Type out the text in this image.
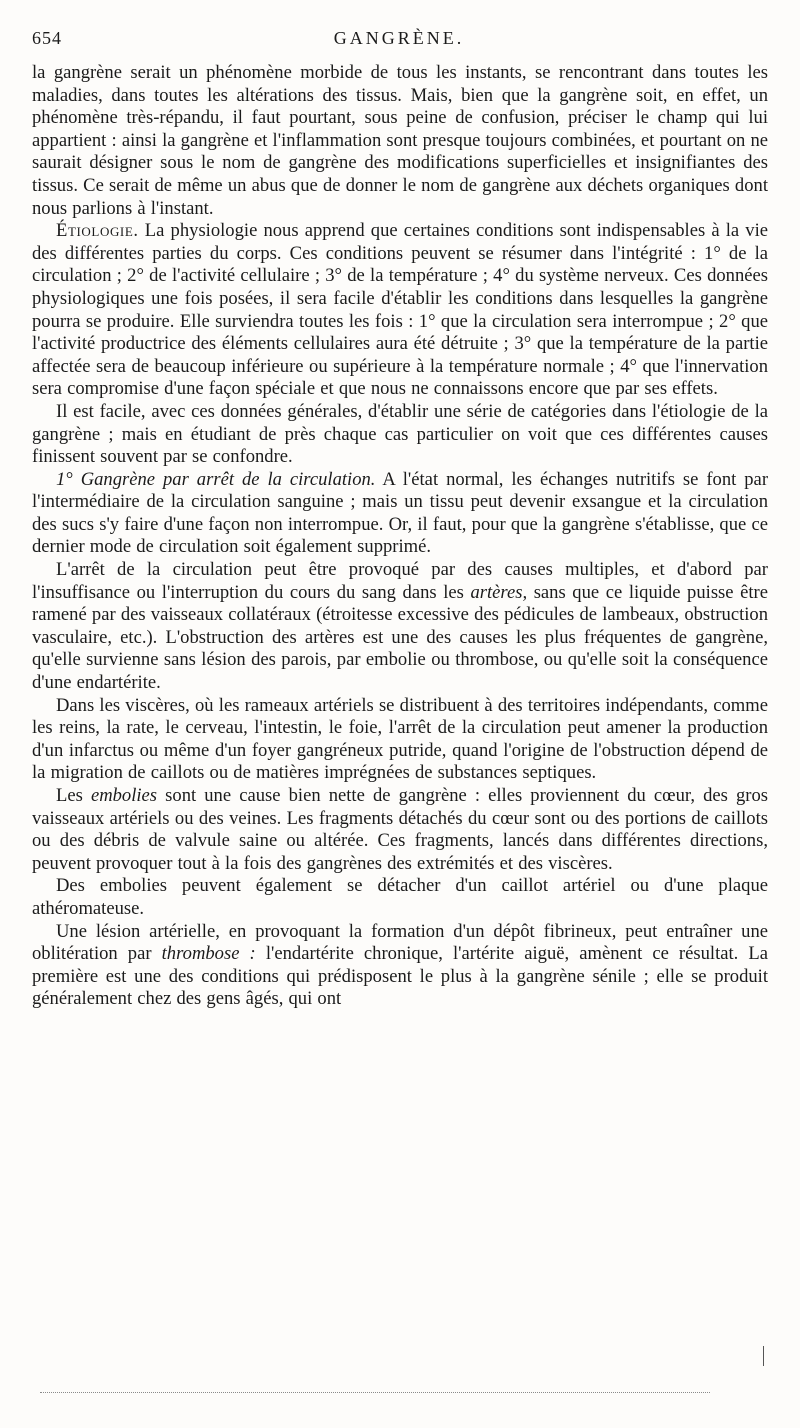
654	GANGRÈNE.

la gangrène serait un phénomène morbide de tous les instants, se rencontrant dans toutes les maladies, dans toutes les altérations des tissus. Mais, bien que la gangrène soit, en effet, un phénomène très-répandu, il faut pourtant, sous peine de confusion, préciser le champ qui lui appartient : ainsi la gangrène et l'inflammation sont presque toujours combinées, et pourtant on ne saurait désigner sous le nom de gangrène des modifications superficielles et insignifiantes des tissus. Ce serait de même un abus que de donner le nom de gangrène aux déchets organiques dont nous parlions à l'instant.

Étiologie. La physiologie nous apprend que certaines conditions sont indispensables à la vie des différentes parties du corps. Ces conditions peuvent se résumer dans l'intégrité : 1° de la circulation ; 2° de l'activité cellulaire ; 3° de la température ; 4° du système nerveux. Ces données physiologiques une fois posées, il sera facile d'établir les conditions dans lesquelles la gangrène pourra se produire. Elle surviendra toutes les fois : 1° que la circulation sera interrompue ; 2° que l'activité productrice des éléments cellulaires aura été détruite ; 3° que la température de la partie affectée sera de beaucoup inférieure ou supérieure à la température normale ; 4° que l'innervation sera compromise d'une façon spéciale et que nous ne connaissons encore que par ses effets.

Il est facile, avec ces données générales, d'établir une série de catégories dans l'étiologie de la gangrène ; mais en étudiant de près chaque cas particulier on voit que ces différentes causes finissent souvent par se confondre.

1° Gangrène par arrêt de la circulation. A l'état normal, les échanges nutritifs se font par l'intermédiaire de la circulation sanguine ; mais un tissu peut devenir exsangue et la circulation des sucs s'y faire d'une façon non interrompue. Or, il faut, pour que la gangrène s'établisse, que ce dernier mode de circulation soit également supprimé.

L'arrêt de la circulation peut être provoqué par des causes multiples, et d'abord par l'insuffisance ou l'interruption du cours du sang dans les artères, sans que ce liquide puisse être ramené par des vaisseaux collatéraux (étroitesse excessive des pédicules de lambeaux, obstruction vasculaire, etc.). L'obstruction des artères est une des causes les plus fréquentes de gangrène, qu'elle survienne sans lésion des parois, par embolie ou thrombose, ou qu'elle soit la conséquence d'une endartérite.

Dans les viscères, où les rameaux artériels se distribuent à des territoires indépendants, comme les reins, la rate, le cerveau, l'intestin, le foie, l'arrêt de la circulation peut amener la production d'un infarctus ou même d'un foyer gangréneux putride, quand l'origine de l'obstruction dépend de la migration de caillots ou de matières imprégnées de substances septiques.

Les embolies sont une cause bien nette de gangrène : elles proviennent du cœur, des gros vaisseaux artériels ou des veines. Les fragments détachés du cœur sont ou des portions de caillots ou des débris de valvule saine ou altérée. Ces fragments, lancés dans différentes directions, peuvent provoquer tout à la fois des gangrènes des extrémités et des viscères.

Des embolies peuvent également se détacher d'un caillot artériel ou d'une plaque athéromateuse.

Une lésion artérielle, en provoquant la formation d'un dépôt fibrineux, peut entraîner une oblitération par thrombose : l'endartérite chronique, l'artérite aiguë, amènent ce résultat. La première est une des conditions qui prédisposent le plus à la gangrène sénile ; elle se produit généralement chez des gens âgés, qui ont
